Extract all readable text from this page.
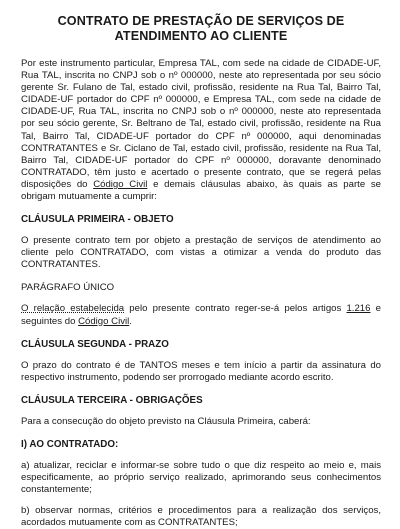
CONTRATO DE PRESTAÇÃO DE SERVIÇOS DE
ATENDIMENTO AO CLIENTE

Por este instrumento particular, Empresa TAL, com sede na cidade de CIDADE-UF, Rua TAL, inscrita no CNPJ sob o nº 000000, neste ato representada por seu sócio gerente Sr. Fulano de Tal, estado civil, profissão, residente na Rua Tal, Bairro Tal, CIDADE-UF portador do CPF nº 000000, e Empresa TAL, com sede na cidade de CIDADE-UF, Rua TAL, inscrita no CNPJ sob o nº 000000, neste ato representada por seu sócio gerente, Sr. Beltrano de Tal, estado civil, profissão, residente na Rua Tal, Bairro Tal, CIDADE-UF portador do CPF nº 000000, aqui denominadas CONTRATANTES e Sr. Ciclano de Tal, estado civil, profissão, residente na Rua Tal, Bairro Tal, CIDADE-UF portador do CPF nº 000000, doravante denominado CONTRATADO, têm justo e acertado o presente contrato, que se regerá pelas disposições do Código Civil e demais cláusulas abaixo, às quais as parte se obrigam mutuamente a cumprir:

CLÁUSULA PRIMEIRA - OBJETO

O presente contrato tem por objeto a prestação de serviços de atendimento ao cliente pelo CONTRATADO, com vistas a otimizar a venda do produto das CONTRATANTES.

PARÁGRAFO ÚNICO

O relação estabelecida pelo presente contrato reger-se-á pelos artigos 1.216 e seguintes do Código Civil.

CLÁUSULA SEGUNDA - PRAZO

O prazo do contrato é de TANTOS meses e tem início a partir da assinatura do respectivo instrumento, podendo ser prorrogado mediante acordo escrito.

CLÁUSULA TERCEIRA - OBRIGAÇÕES

Para a consecução do objeto previsto na Cláusula Primeira, caberá:

I) AO CONTRATADO:

a) atualizar, reciclar e informar-se sobre tudo o que diz respeito ao meio e, mais especificamente, ao próprio serviço realizado, aprimorando seus conhecimentos constantemente;

b) observar normas, critérios e procedimentos para a realização dos serviços, acordados mutuamente com as CONTRATANTES;
